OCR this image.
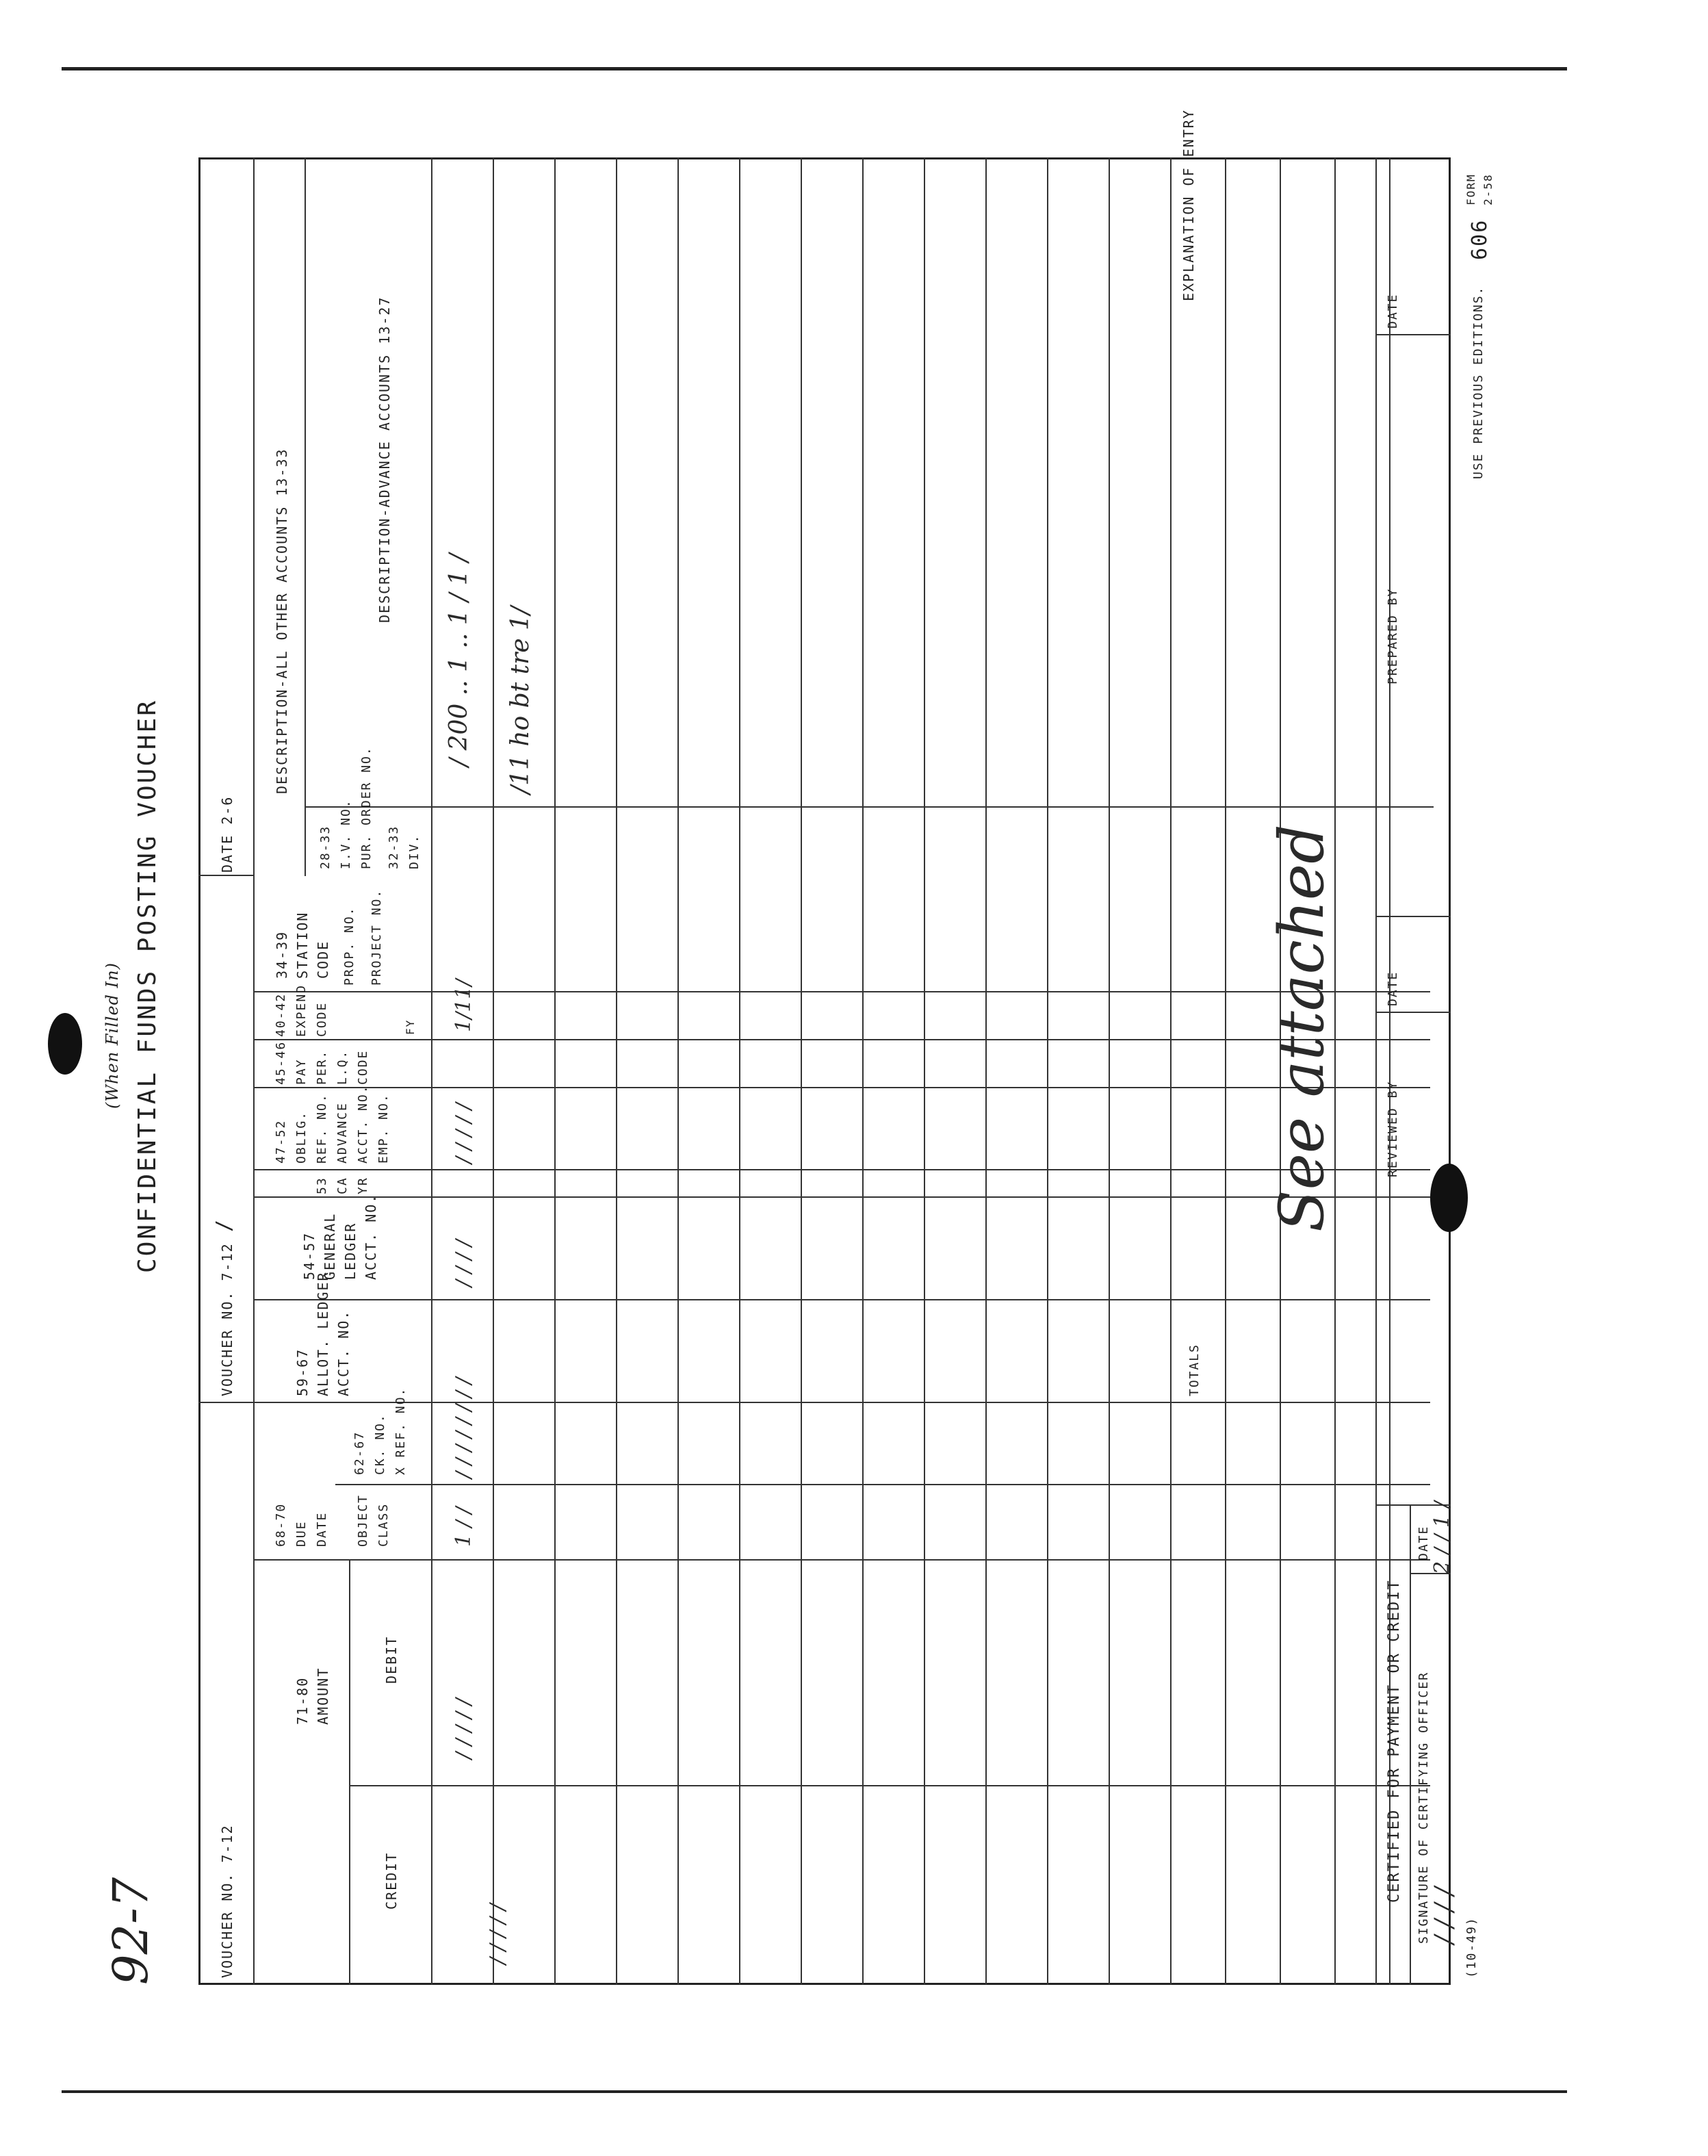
92-7
(When Filled In) CONFIDENTIAL FUNDS POSTING VOUCHER
VOUCHER NO. 7-12
/
DATE 2-6
VOUCHER NO. 7-12
DESCRIPTION-ALL OTHER ACCOUNTS 13-33	DESCRIPTION-ADVANCE ACCOUNTS 13-27
28-33 I.V. NO. PUR. ORDER NO. 32-33 DIV.
34-39 STATION CODE PROP. NO. PROJECT NO.
40-42 EXPEND CODE	FY
45-46 PAY PER. L.Q. CODE
47-52 OBLIG. REF. NO. ADVANCE ACCT. NO. EMP. NO.
53 CA YR
54-57 GENERAL LEDGER ACCT. NO.
59-67 ALLOT. LEDGER ACCT. NO.
62-67 CK. NO. X REF. NO.
68-70 DUE DATE OBJECT CLASS
71-80 AMOUNT
DEBIT
CREDIT
EXPLANATION OF ENTRY
TOTALS
DATE
PREPARED BY
DATE
REVIEWED BY
CERTIFIED FOR PAYMENT OR CREDIT
DATE
SIGNATURE OF CERTIFYING OFFICER
FORM 2-58
606
USE PREVIOUS EDITIONS.
(10-49)
/ 200 .. 1 .. 1 / 1 / /11 ho bt tre 1/
1/11/
/ / / / /
/ / / /
/ / / / / / / /
1 / /
/ / / / /
/ / / / /
See attached
2 / / 1 /
/ / / /
